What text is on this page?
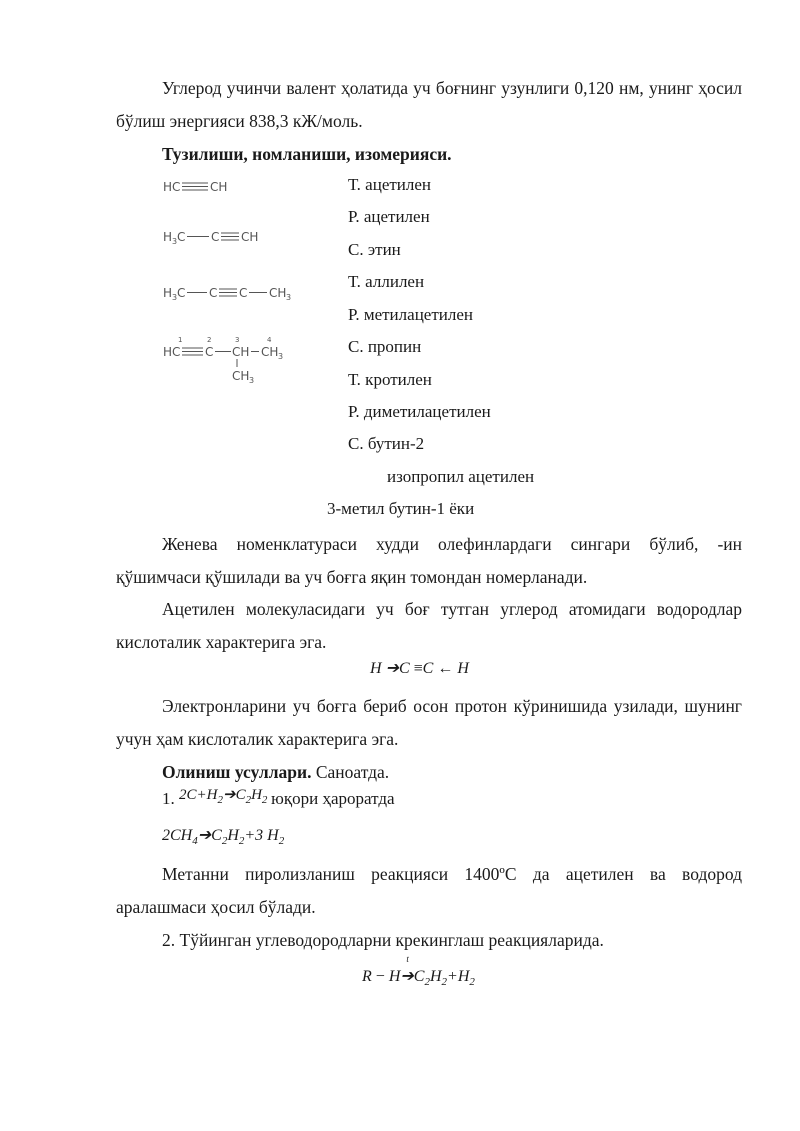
Углерод учинчи валент ҳолатида уч боғнинг узунлиги 0,120 нм, унинг ҳосил бўлиш энергияси 838,3 кЖ/моль.
Тузилиши, номланиши, изомерияси.
HC CH
H 3 C C CH
H 3 C C C CH 3
1	2	3	4
HC C CH CH 3
CH 3
Т. ацетилен
Р. ацетилен
С. этин
Т. аллилен
Р. метилацетилен
С. пропин
Т. кротилен
Р. диметилацетилен
С. бутин-2
изопропил ацетилен
3-метил бутин-1 ёки
Женева номенклатураси худди олефинлардаги сингари бўлиб, -ин қўшимчаси қўшилади ва уч боғга яқин томондан номерланади.
Ацетилен молекуласидаги уч боғ тутган углерод атомидаги водородлар кислоталик характерига эга.
H ➔C ≡C ← H
Электронларини уч боғга бериб осон протон кўринишида узилади, шунинг учун ҳам кислоталик характерига эга.
Олиниш усуллари. Саноатда.
1. $2C+H_2➔C_2H_2$ юқори ҳароратда
$2CH_4➔C_2H_2+3$ $H_2$
Метанни пиролизланиш реакцияси 1400ºС да ацетилен ва водород аралашмаси ҳосил бўлади.
2. Тўйинган углеводородларни крекинглаш реакцияларида.
R − H
t
$➔C_2H_2+H_2$
